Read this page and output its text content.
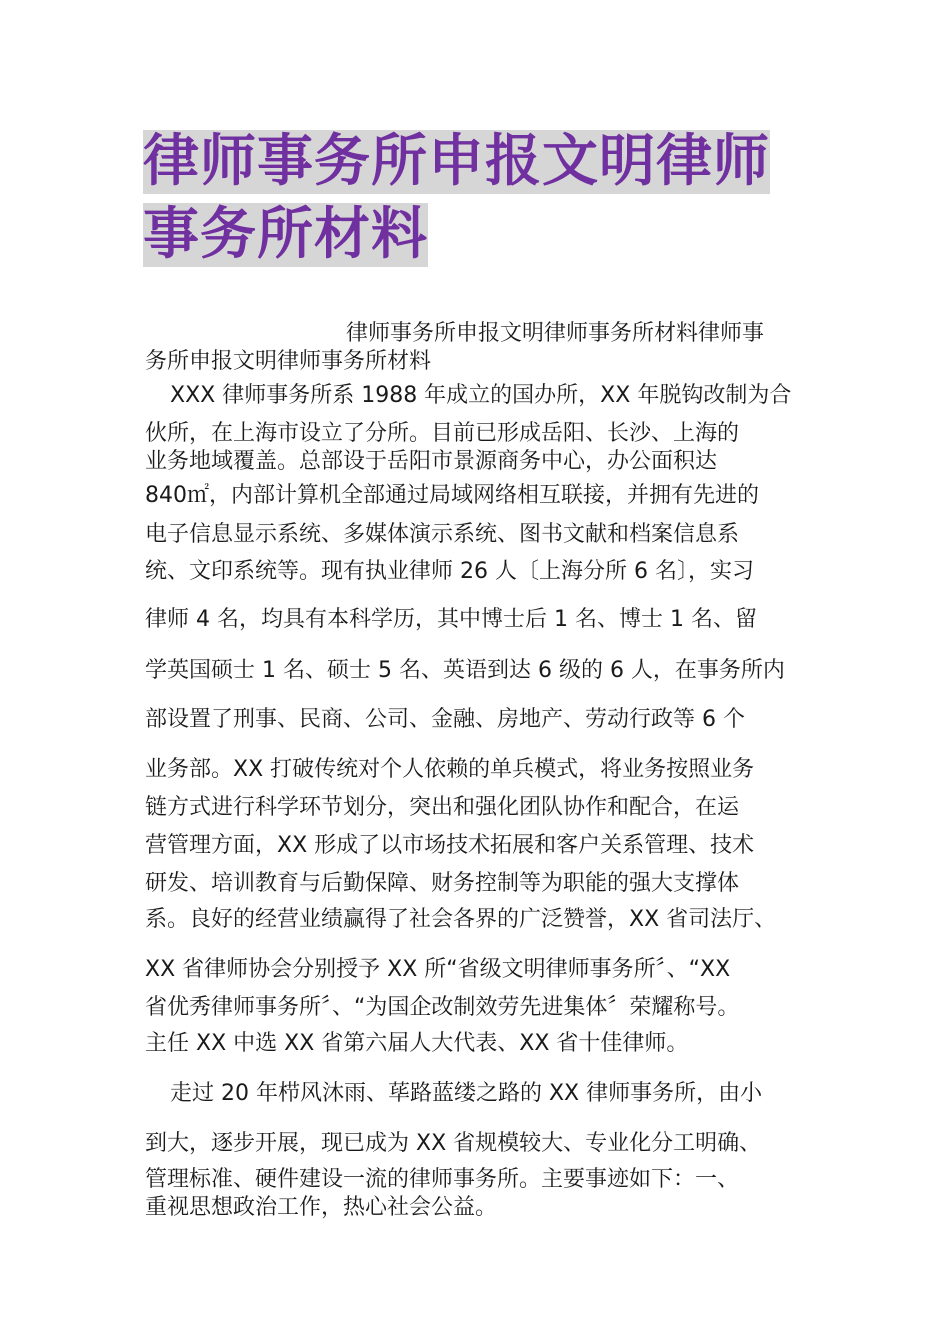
律师事务所申报文明律师
事务所材料
律师事务所申报文明律师事务所材料律师事
务所申报文明律师事务所材料
XXX 律师事务所系 1988 年成立的国办所，XX 年脱钩改制为合
伙所，在上海市设立了分所。目前已形成岳阳、长沙、上海的
业务地域覆盖。总部设于岳阳市景源商务中心，办公面积达
840㎡，内部计算机全部通过局域网络相互联接，并拥有先进的
电子信息显示系统、多媒体演示系统、图书文献和档案信息系
统、文印系统等。现有执业律师 26 人〔上海分所 6 名〕，实习
律师 4 名，均具有本科学历，其中博士后 1 名、博士 1 名、留
学英国硕士 1 名、硕士 5 名、英语到达 6 级的 6 人，在事务所内
部设置了刑事、民商、公司、金融、房地产、劳动行政等 6 个
业务部。XX 打破传统对个人依赖的单兵模式，将业务按照业务
链方式进行科学环节划分，突出和强化团队协作和配合，在运
营管理方面，XX 形成了以市场技术拓展和客户关系管理、技术
研发、培训教育与后勤保障、财务控制等为职能的强大支撑体
系。良好的经营业绩赢得了社会各界的广泛赞誉，XX 省司法厅、
XX 省律师协会分别授予 XX 所“省级文明律师事务所〞、“XX
省优秀律师事务所〞、“为国企改制效劳先进集体〞荣耀称号。
主任 XX 中选 XX 省第六届人大代表、XX 省十佳律师。
走过 20 年栉风沐雨、荜路蓝缕之路的 XX 律师事务所，由小
到大，逐步开展，现已成为 XX 省规模较大、专业化分工明确、
管理标准、硬件建设一流的律师事务所。主要事迹如下：一、
重视思想政治工作，热心社会公益。
